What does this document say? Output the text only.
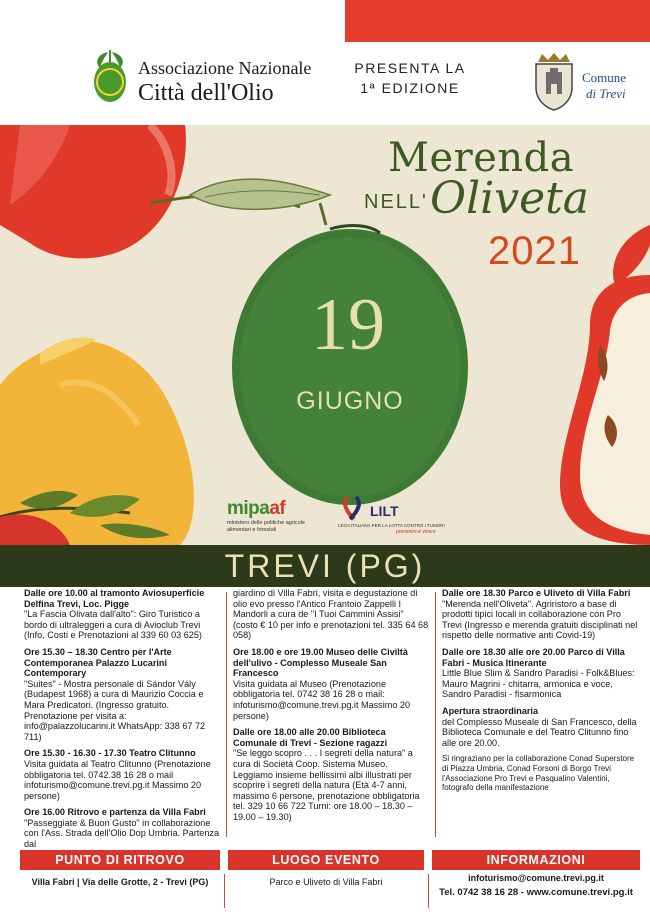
·
Associazione Nazionale
Città dell'Olio
PRESENTA LA
1ª EDIZIONE
Comune
di Trevi
Merenda
NELL' Oliveta
2021
19
GIUGNO
mipaaf
ministero delle politiche agricole alimentari e forestali
LILT
LEGA ITALIANA PER LA LOTTA CONTRO I TUMORI
prevenire è vivere
TREVI (PG)
Dalle ore 10.00 al tramonto Aviosuperficie Delfina Trevi, Loc. Pigge
"La Fascia Olivata dall'alto": Giro Turistico a bordo di ultraleggeri a cura di Avioclub Trevi (Info, Costi e Prenotazioni al 339 60 03 625)
Ore 15.30 – 18.30 Centro per l'Arte Contemporanea Palazzo Lucarini Contemporary
"Suites" - Mostra personale di Sándor Vály (Budapest 1968) a cura di Maurizio Coccia e Mara Predicatori. (Ingresso gratuito. Prenotazione per visita a: info@palazzolucarini.it WhatsApp: 338 67 72 711)
Ore 15.30 - 16.30 - 17.30 Teatro Clitunno
Visita guidata al Teatro Clitunno (Prenotazione obbligatoria tel. 0742.38 16 28 o mail infoturismo@comune.trevi.pg.it Massimo 20 persone)
Ore 16.00 Ritrovo e partenza da Villa Fabri
"Passeggiate & Buon Gusto" in collaborazione con l'Ass. Strada dell'Olio Dop Umbria. Partenza dal
giardino di Villa Fabri, visita e degustazione di olio evo presso l'Antico Frantoio Zappelli I Mandorli a cura de "I Tuoi Cammini Assisi" (costo € 10 per info e prenotazioni tel. 335 64 68 058)
Ore 18.00 e ore 19.00 Museo delle Civiltà dell'ulivo - Complesso Museale San Francesco
Visita guidata al Museo (Prenotazione obbligatoria tel. 0742 38 16 28 o mail: infoturismo@comune.trevi.pg.it Massimo 20 persone)
Dalle ore 18.00 alle 20.00 Biblioteca Comunale di Trevi - Sezione ragazzi
"Se leggo scopro . . . I segreti della natura" a cura di Società Coop. Sistema Museo. Leggiamo insieme bellissimi albi illustrati per scoprire i segreti della natura (Età 4-7 anni, massimo 6 persone, prenotazione obbligatoria tel. 329 10 66 722 Turni: ore 18.00 – 18.30 – 19.00 – 19.30)
Dalle ore 18.30 Parco e Uliveto di Villa Fabri
"Merenda nell'Oliveta". Agriristoro a base di prodotti tipici locali in collaborazione con Pro Trevi (Ingresso e merenda gratuiti disciplinati nel rispetto delle normative anti Covid-19)
Dalle ore 18.30 alle ore 20.00 Parco di Villa Fabri - Musica Itinerante
Little Blue Slim & Sandro Paradisi - Folk&Blues: Mauro Magrini - chitarra, armonica e voce, Sandro Paradisi - fisarmonica
Apertura straordinaria
del Complesso Museale di San Francesco, della Biblioteca Comunale e del Teatro Clitunno fino alle ore 20.00.
Si ringraziano per la collaborazione Conad Superstore di Piazza Umbria, Conad Forsoni di Borgo Trevi l'Associazione Pro Trevi e Pasqualino Valentini, fotografo della manifestazione
PUNTO DI RITROVO	LUOGO EVENTO	INFORMAZIONI
Villa Fabri | Via delle Grotte, 2 - Trevi (PG)	Parco e Uliveto di Villa Fabri	infoturismo@comune.trevi.pg.it
Tel. 0742 38 16 28 - www.comune.trevi.pg.it
